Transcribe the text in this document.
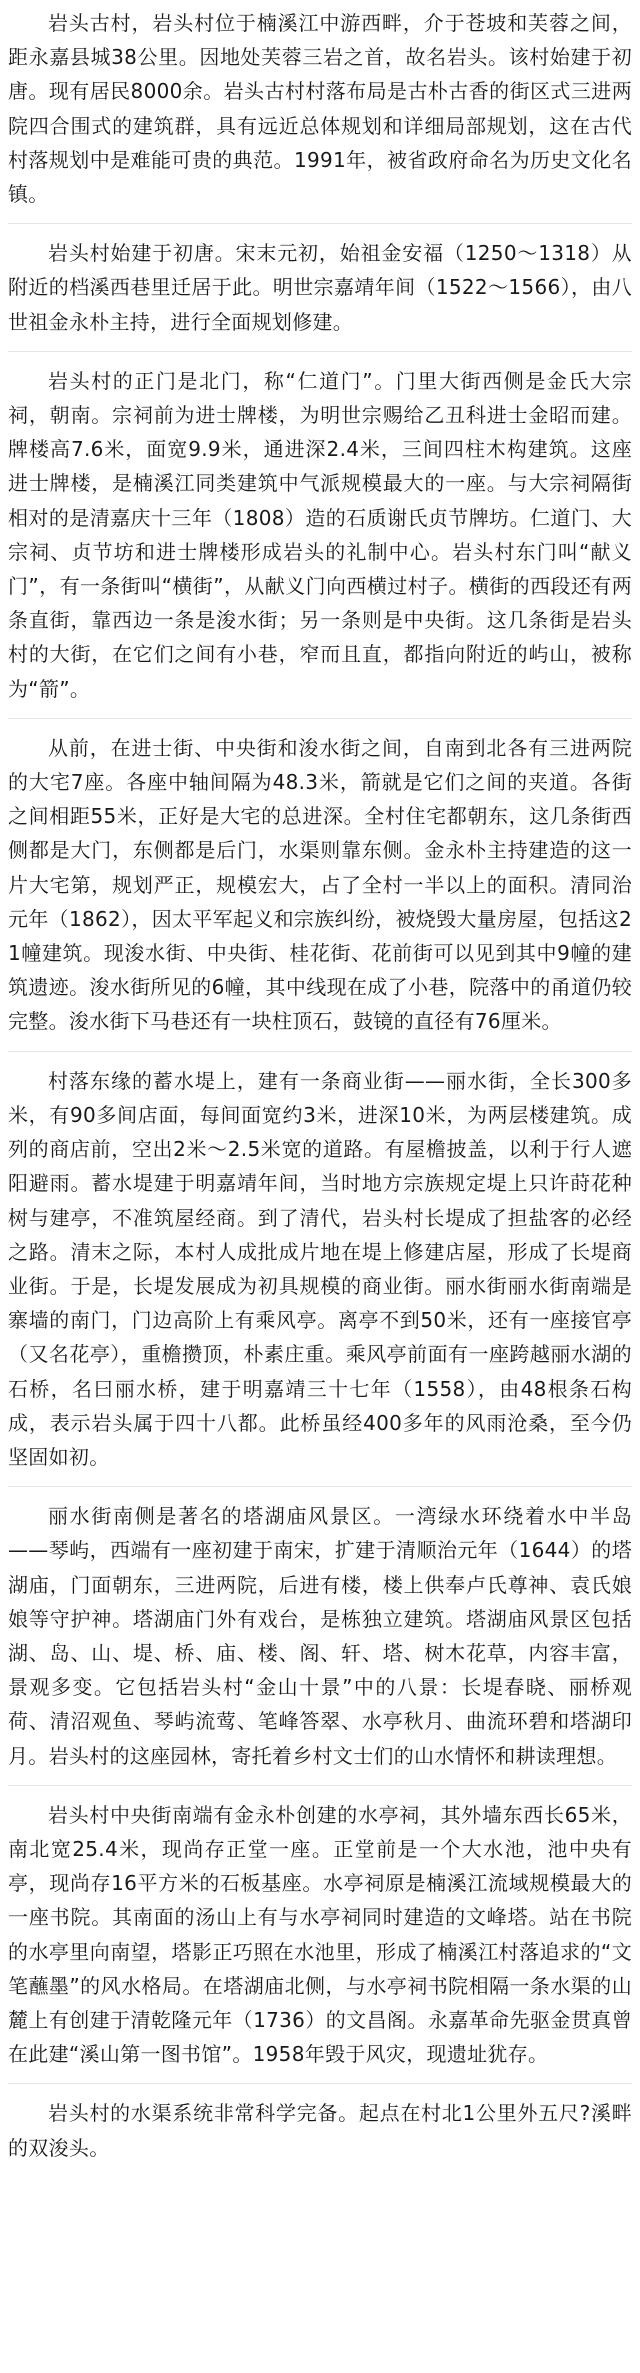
岩头古村，岩头村位于楠溪江中游西畔，介于苍坡和芙蓉之间，距永嘉县城38公里。因地处芙蓉三岩之首，故名岩头。该村始建于初唐。现有居民8000余。岩头古村村落布局是古朴古香的街区式三进两院四合围式的建筑群，具有远近总体规划和详细局部规划，这在古代村落规划中是难能可贵的典范。1991年，被省政府命名为历史文化名镇。

岩头村始建于初唐。宋末元初，始祖金安福（1250～1318）从附近的档溪西巷里迁居于此。明世宗嘉靖年间（1522～1566），由八世祖金永朴主持，进行全面规划修建。

岩头村的正门是北门，称“仁道门”。门里大街西侧是金氏大宗祠，朝南。宗祠前为进士牌楼，为明世宗赐给乙丑科进士金昭而建。牌楼高7.6米，面宽9.9米，通进深2.4米，三间四柱木构建筑。这座进士牌楼，是楠溪江同类建筑中气派规模最大的一座。与大宗祠隔街相对的是清嘉庆十三年（1808）造的石质谢氏贞节牌坊。仁道门、大宗祠、贞节坊和进士牌楼形成岩头的礼制中心。岩头村东门叫“献义门”，有一条街叫“横街”，从献义门向西横过村子。横街的西段还有两条直街，靠西边一条是浚水街；另一条则是中央街。这几条街是岩头村的大街，在它们之间有小巷，窄而且直，都指向附近的屿山，被称为“箭”。

从前，在进士街、中央街和浚水街之间，自南到北各有三进两院的大宅7座。各座中轴间隔为48.3米，箭就是它们之间的夹道。各街之间相距55米，正好是大宅的总进深。全村住宅都朝东，这几条街西侧都是大门，东侧都是后门，水渠则靠东侧。金永朴主持建造的这一片大宅第，规划严正，规模宏大，占了全村一半以上的面积。清同治元年（1862），因太平军起义和宗族纠纷，被烧毁大量房屋，包括这21幢建筑。现浚水街、中央街、桂花街、花前街可以见到其中9幢的建筑遗迹。浚水街所见的6幢，其中线现在成了小巷，院落中的甬道仍较完整。浚水街下马巷还有一块柱顶石，鼓镜的直径有76厘米。

村落东缘的蓄水堤上，建有一条商业街——丽水街，全长300多米，有90多间店面，每间面宽约3米，进深10米，为两层楼建筑。成列的商店前，空出2米～2.5米宽的道路。有屋檐披盖，以利于行人遮阳避雨。蓄水堤建于明嘉靖年间，当时地方宗族规定堤上只许莳花种树与建亭，不准筑屋经商。到了清代，岩头村长堤成了担盐客的必经之路。清末之际，本村人成批成片地在堤上修建店屋，形成了长堤商业街。于是，长堤发展成为初具规模的商业街。丽水街丽水街南端是寨墙的南门，门边高阶上有乘风亭。离亭不到50米，还有一座接官亭（又名花亭），重檐攒顶，朴素庄重。乘风亭前面有一座跨越丽水湖的石桥，名曰丽水桥，建于明嘉靖三十七年（1558），由48根条石构成，表示岩头属于四十八都。此桥虽经400多年的风雨沧桑，至今仍坚固如初。

丽水街南侧是著名的塔湖庙风景区。一湾绿水环绕着水中半岛——琴屿，西端有一座初建于南宋，扩建于清顺治元年（1644）的塔湖庙，门面朝东，三进两院，后进有楼，楼上供奉卢氏尊神、袁氏娘娘等守护神。塔湖庙门外有戏台，是栋独立建筑。塔湖庙风景区包括湖、岛、山、堤、桥、庙、楼、阁、轩、塔、树木花草，内容丰富，景观多变。它包括岩头村“金山十景”中的八景：长堤春晓、丽桥观荷、清沼观鱼、琴屿流莺、笔峰答翠、水亭秋月、曲流环碧和塔湖印月。岩头村的这座园林，寄托着乡村文士们的山水情怀和耕读理想。

岩头村中央街南端有金永朴创建的水亭祠，其外墙东西长65米，南北宽25.4米，现尚存正堂一座。正堂前是一个大水池，池中央有亭，现尚存16平方米的石板基座。水亭祠原是楠溪江流域规模最大的一座书院。其南面的汤山上有与水亭祠同时建造的文峰塔。站在书院的水亭里向南望，塔影正巧照在水池里，形成了楠溪江村落追求的“文笔蘸墨”的风水格局。在塔湖庙北侧，与水亭祠书院相隔一条水渠的山麓上有创建于清乾隆元年（1736）的文昌阁。永嘉革命先驱金贯真曾在此建“溪山第一图书馆”。1958年毁于风灾，现遗址犹存。

岩头村的水渠系统非常科学完备。起点在村北1公里外五尺?溪畔的双浚头。
